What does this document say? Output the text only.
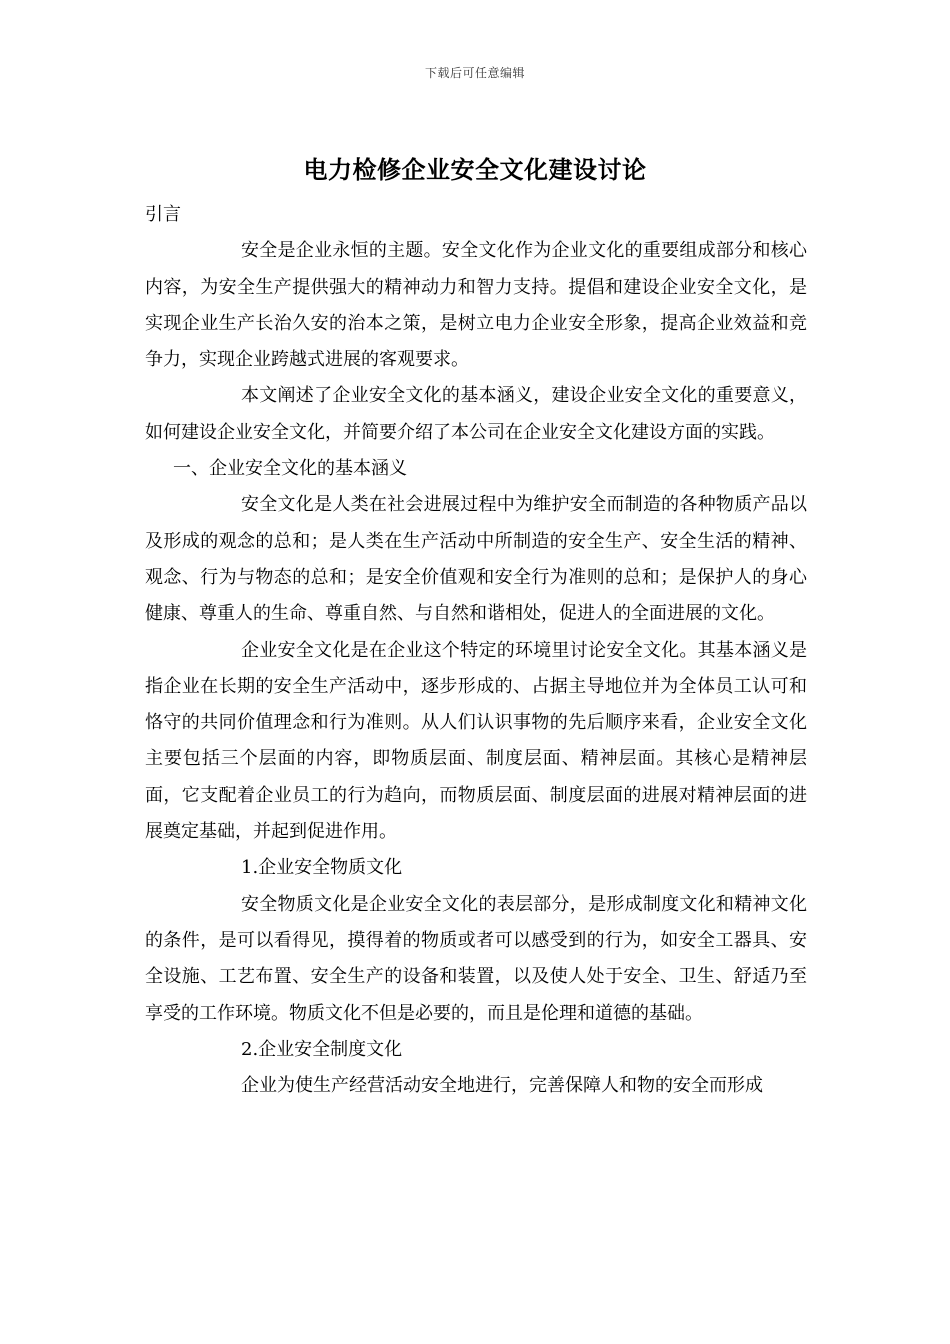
下载后可任意编辑
电力检修企业安全文化建设讨论

引言

安全是企业永恒的主题。安全文化作为企业文化的重要组成部分和核心内容，为安全生产提供强大的精神动力和智力支持。提倡和建设企业安全文化，是实现企业生产长治久安的治本之策，是树立电力企业安全形象，提高企业效益和竞争力，实现企业跨越式进展的客观要求。

本文阐述了企业安全文化的基本涵义，建设企业安全文化的重要意义，如何建设企业安全文化，并简要介绍了本公司在企业安全文化建设方面的实践。

一、企业安全文化的基本涵义

安全文化是人类在社会进展过程中为维护安全而制造的各种物质产品以及形成的观念的总和；是人类在生产活动中所制造的安全生产、安全生活的精神、观念、行为与物态的总和；是安全价值观和安全行为准则的总和；是保护人的身心健康、尊重人的生命、尊重自然、与自然和谐相处，促进人的全面进展的文化。

企业安全文化是在企业这个特定的环境里讨论安全文化。其基本涵义是指企业在长期的安全生产活动中，逐步形成的、占据主导地位并为全体员工认可和恪守的共同价值理念和行为准则。从人们认识事物的先后顺序来看，企业安全文化主要包括三个层面的内容，即物质层面、制度层面、精神层面。其核心是精神层面，它支配着企业员工的行为趋向，而物质层面、制度层面的进展对精神层面的进展奠定基础，并起到促进作用。

1.企业安全物质文化

安全物质文化是企业安全文化的表层部分，是形成制度文化和精神文化的条件，是可以看得见，摸得着的物质或者可以感受到的行为，如安全工器具、安全设施、工艺布置、安全生产的设备和装置，以及使人处于安全、卫生、舒适乃至享受的工作环境。物质文化不但是必要的，而且是伦理和道德的基础。

2.企业安全制度文化

企业为使生产经营活动安全地进行，完善保障人和物的安全而形成
